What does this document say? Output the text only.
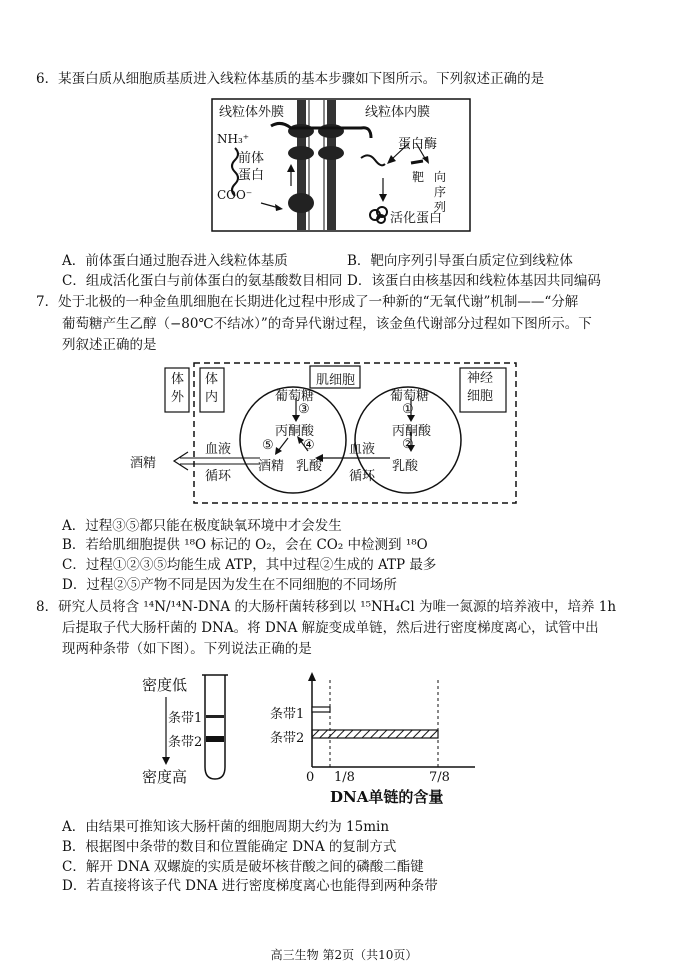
6．某蛋白质从细胞质基质进入线粒体基质的基本步骤如下图所示。下列叙述正确的是
线粒体外膜	线粒体内膜
NH₃⁺
前体
蛋白
COO⁻
蛋白酶
靶 向
序
列
活化蛋白
A．前体蛋白通过胞吞进入线粒体基质	B．靶向序列引导蛋白质定位到线粒体
C．组成活化蛋白与前体蛋白的氨基酸数目相同 D．该蛋白由核基因和线粒体基因共同编码
7．处于北极的一种金鱼肌细胞在长期进化过程中形成了一种新的“无氧代谢”机制——“分解
葡萄糖产生乙醇（−80℃不结冰）”的奇异代谢过程，该金鱼代谢部分过程如下图所示。下
列叙述正确的是
体外
体内
肌细胞	神经细胞
葡萄糖
③
丙酮酸
⑤ ④
酒精 乳酸
葡萄糖
①
丙酮酸
②
乳酸
血液
循环
血液
循环
酒精
A．过程③⑤都只能在极度缺氧环境中才会发生
B．若给肌细胞提供 ¹⁸O 标记的 O₂，会在 CO₂ 中检测到 ¹⁸O
C．过程①②③⑤均能生成 ATP，其中过程②生成的 ATP 最多
D．过程②⑤产物不同是因为发生在不同细胞的不同场所
8．研究人员将含 ¹⁴N/¹⁴N-DNA 的大肠杆菌转移到以 ¹⁵NH₄Cl 为唯一氮源的培养液中，培养 1h
后提取子代大肠杆菌的 DNA。将 DNA 解旋变成单链，然后进行密度梯度离心，试管中出
现两种条带（如下图）。下列说法正确的是
密度低
密度高
条带1
条带2
条带1
条带2
0 1/8	7/8
DNA单链的含量
A．由结果可推知该大肠杆菌的细胞周期大约为 15min
B．根据图中条带的数目和位置能确定 DNA 的复制方式
C．解开 DNA 双螺旋的实质是破坏核苷酸之间的磷酸二酯键
D．若直接将该子代 DNA 进行密度梯度离心也能得到两种条带
高三生物 第2页（共10页）
